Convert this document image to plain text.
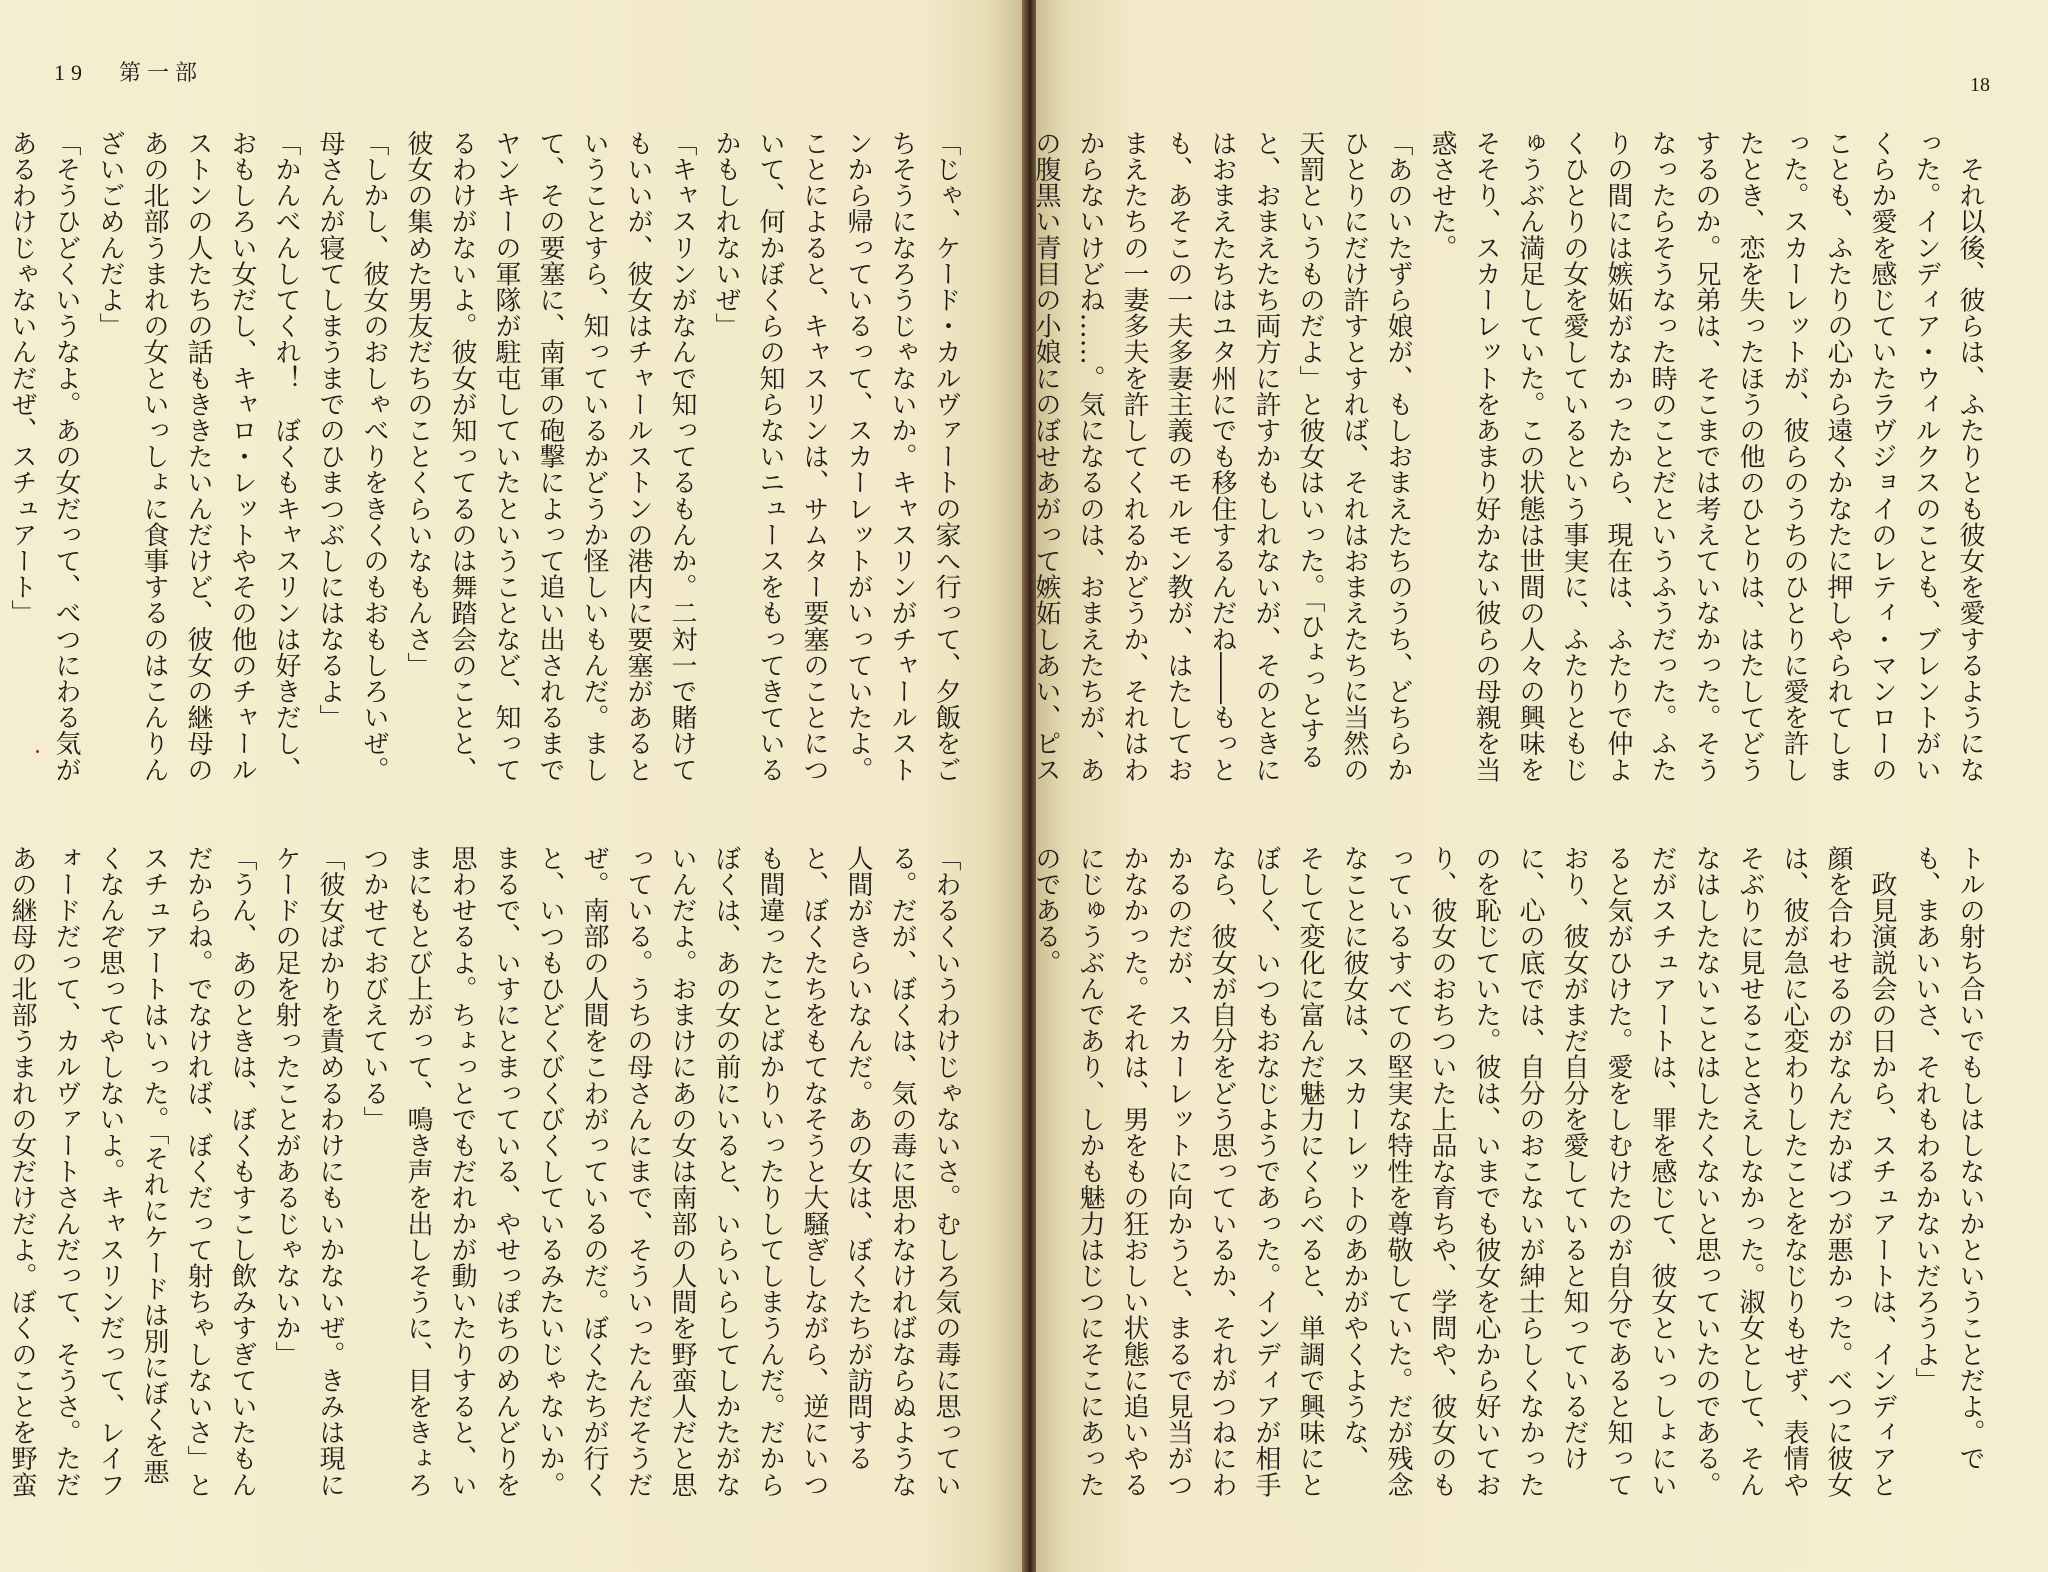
19 第一部
「じゃ、ケード・カルヴァートの家へ行って、夕飯をご
ちそうになろうじゃないか。キャスリンがチャールスト
ンから帰っているって、スカーレットがいっていたよ。
ことによると、キャスリンは、サムター要塞のことにつ
いて、何かぼくらの知らないニュースをもってきている
かもしれないぜ」
「キャスリンがなんで知ってるもんか。二対一で賭けて
もいいが、彼女はチャールストンの港内に要塞があると
いうことすら、知っているかどうか怪しいもんだ。まし
て、その要塞に、南軍の砲撃によって追い出されるまで
ヤンキーの軍隊が駐屯していたということなど、知って
るわけがないよ。彼女が知ってるのは舞踏会のことと、
彼女の集めた男友だちのことくらいなもんさ」
「しかし、彼女のおしゃべりをきくのもおもしろいぜ。
母さんが寝てしまうまでのひまつぶしにはなるよ」
「かんべんしてくれ！　ぼくもキャスリンは好きだし、
おもしろい女だし、キャロ・レットやその他のチャール
ストンの人たちの話もききたいんだけど、彼女の継母の
あの北部うまれの女といっしょに食事するのはこんりん
ざいごめんだよ」
「そうひどくいうなよ。あの女だって、べつにわる気が
あるわけじゃないんだぜ、スチュアート」
「わるくいうわけじゃないさ。むしろ気の毒に思ってい
る。だが、ぼくは、気の毒に思わなければならぬような
人間がきらいなんだ。あの女は、ぼくたちが訪問する
と、ぼくたちをもてなそうと大騒ぎしながら、逆にいつ
も間違ったことばかりいったりしてしまうんだ。だから
ぼくは、あの女の前にいると、いらいらしてしかたがな
いんだよ。おまけにあの女は南部の人間を野蛮人だと思
っている。うちの母さんにまで、そういったんだそうだ
ぜ。南部の人間をこわがっているのだ。ぼくたちが行く
と、いつもひどくびくびくしているみたいじゃないか。
まるで、いすにとまっている、やせっぽちのめんどりを
思わせるよ。ちょっとでもだれかが動いたりすると、い
まにもとび上がって、鳴き声を出しそうに、目をきょろ
つかせておびえている」
「彼女ばかりを責めるわけにもいかないぜ。きみは現に
ケードの足を射ったことがあるじゃないか」
「うん、あのときは、ぼくもすこし飲みすぎていたもん
だからね。でなければ、ぼくだって射ちゃしないさ」と
スチュアートはいった。「それにケードは別にぼくを悪
くなんぞ思ってやしないよ。キャスリンだって、レイフ
ォードだって、カルヴァートさんだって、そうさ。ただ
あの継母の北部うまれの女だけだよ。ぼくのことを野蛮
18
　それ以後、彼らは、ふたりとも彼女を愛するようにな
った。インディア・ウィルクスのことも、ブレントがい
くらか愛を感じていたラヴジョイのレティ・マンローの
ことも、ふたりの心から遠くかなたに押しやられてしま
った。スカーレットが、彼らのうちのひとりに愛を許し
たとき、恋を失ったほうの他のひとりは、はたしてどう
するのか。兄弟は、そこまでは考えていなかった。そう
なったらそうなった時のことだというふうだった。ふた
りの間には嫉妬がなかったから、現在は、ふたりで仲よ
くひとりの女を愛しているという事実に、ふたりともじ
ゅうぶん満足していた。この状態は世間の人々の興味を
そそり、スカーレットをあまり好かない彼らの母親を当
惑させた。
「あのいたずら娘が、もしおまえたちのうち、どちらか
ひとりにだけ許すとすれば、それはおまえたちに当然の
天罰というものだよ」と彼女はいった。「ひょっとする
と、おまえたち両方に許すかもしれないが、そのときに
はおまえたちはユタ州にでも移住するんだね――もっと
も、あそこの一夫多妻主義のモルモン教が、はたしてお
まえたちの一妻多夫を許してくれるかどうか、それはわ
からないけどね……。気になるのは、おまえたちが、あ
の腹黒い青目の小娘にのぼせあがって嫉妬しあい、ピス
トルの射ち合いでもしはしないかということだよ。で
も、まあいいさ、それもわるかないだろうよ」
　政見演説会の日から、スチュアートは、インディアと
顔を合わせるのがなんだかばつが悪かった。べつに彼女
は、彼が急に心変わりしたことをなじりもせず、表情や
そぶりに見せることさえしなかった。淑女として、そん
なはしたないことはしたくないと思っていたのである。
だがスチュアートは、罪を感じて、彼女といっしょにい
ると気がひけた。愛をしむけたのが自分であると知って
おり、彼女がまだ自分を愛していると知っているだけ
に、心の底では、自分のおこないが紳士らしくなかった
のを恥じていた。彼は、いまでも彼女を心から好いてお
り、彼女のおちついた上品な育ちや、学問や、彼女のも
っているすべての堅実な特性を尊敬していた。だが残念
なことに彼女は、スカーレットのあかがやくような、
そして変化に富んだ魅力にくらべると、単調で興味にと
ぼしく、いつもおなじようであった。インディアが相手
なら、彼女が自分をどう思っているか、それがつねにわ
かるのだが、スカーレットに向かうと、まるで見当がつ
かなかった。それは、男をもの狂おしい状態に追いやる
にじゅうぶんであり、しかも魅力はじつにそこにあった
のである。
